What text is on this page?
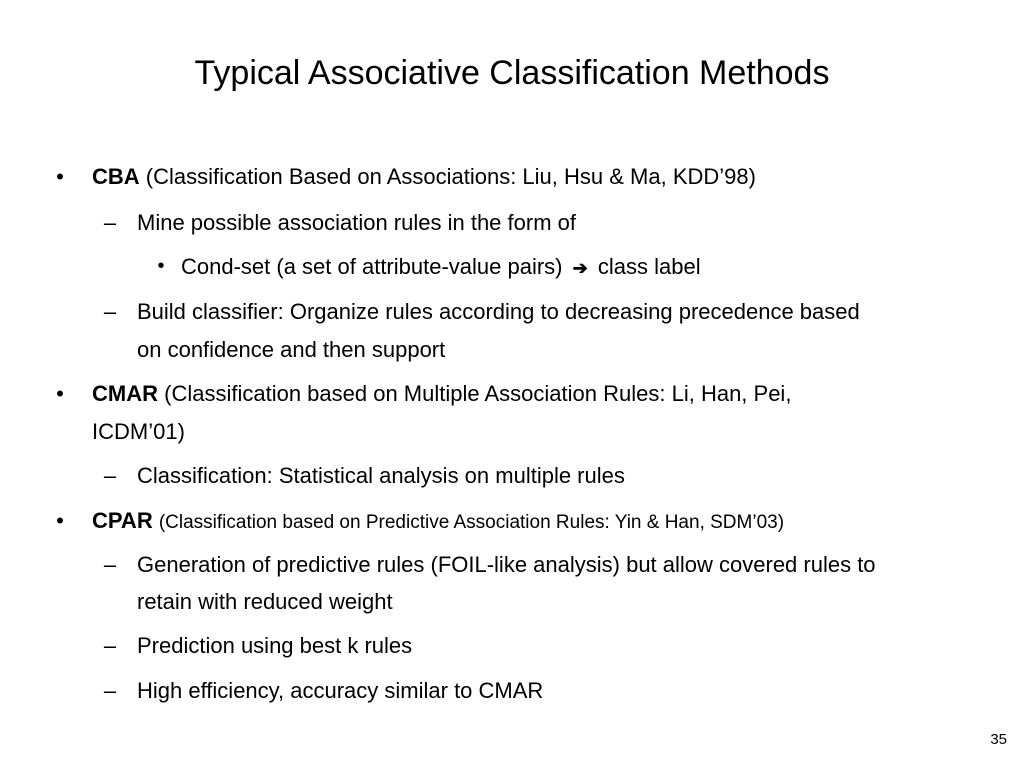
Typical Associative Classification Methods
• CBA (Classification Based on Associations: Liu, Hsu & Ma, KDD’98)
– Mine possible association rules in the form of
• Cond-set (a set of attribute-value pairs) ➔ class label
– Build classifier: Organize rules according to decreasing precedence based
on confidence and then support
• CMAR (Classification based on Multiple Association Rules: Li, Han, Pei,
ICDM’01)
– Classification: Statistical analysis on multiple rules
• CPAR (Classification based on Predictive Association Rules: Yin & Han, SDM’03)
– Generation of predictive rules (FOIL-like analysis) but allow covered rules to
retain with reduced weight
– Prediction using best k rules
– High efficiency, accuracy similar to CMAR
35
